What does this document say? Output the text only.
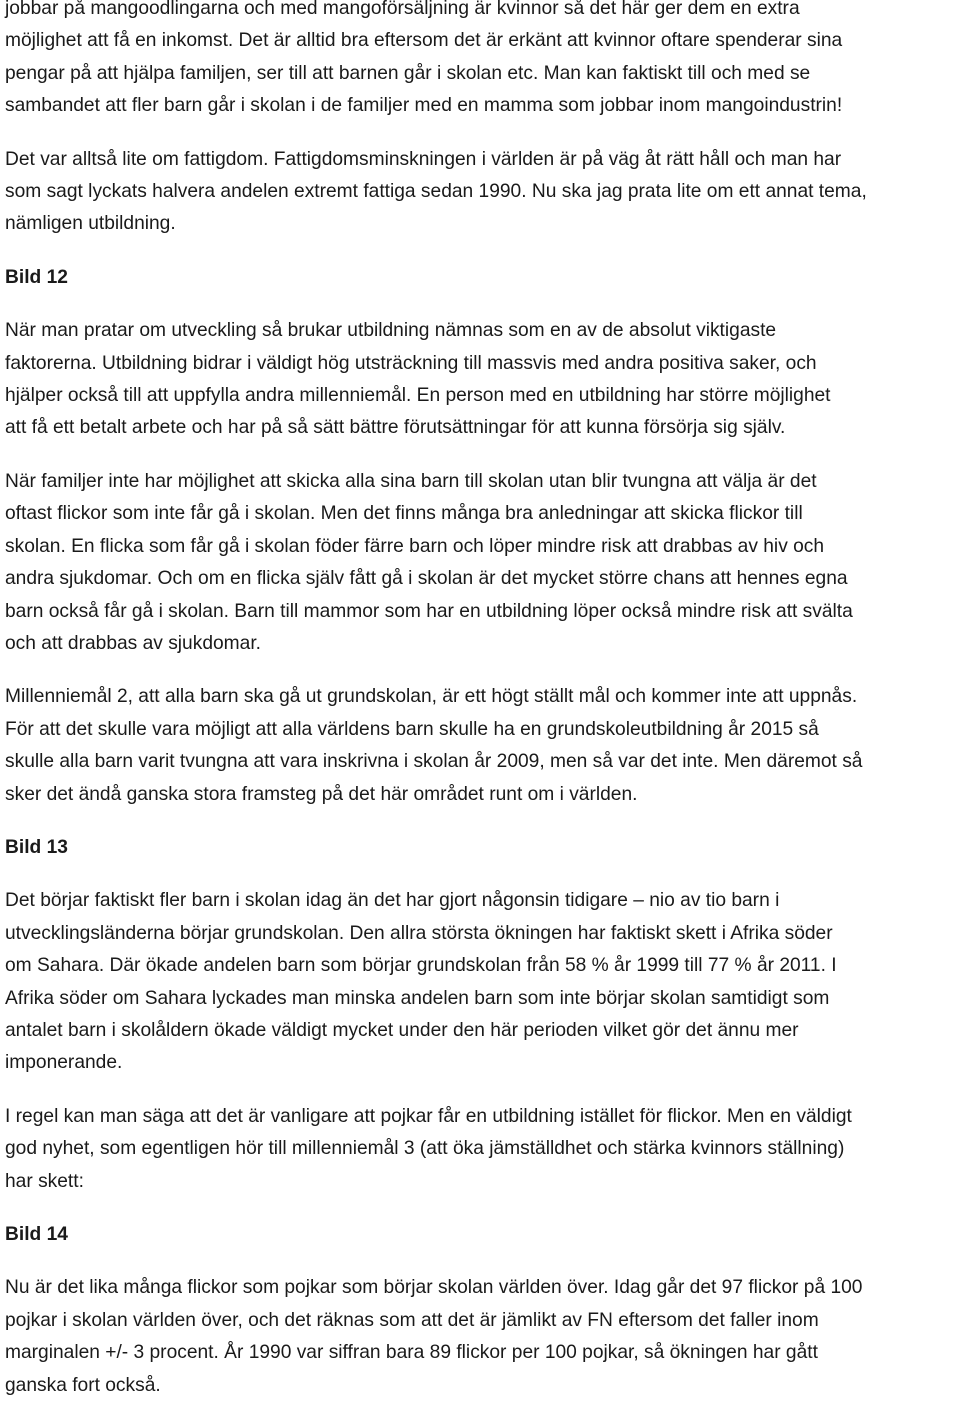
jobbar på mangoodlingarna och med mangoförsäljning är kvinnor så det här ger dem en extra
möjlighet att få en inkomst. Det är alltid bra eftersom det är erkänt att kvinnor oftare spenderar sina
pengar på att hjälpa familjen, ser till att barnen går i skolan etc. Man kan faktiskt till och med se
sambandet att fler barn går i skolan i de familjer med en mamma som jobbar inom mangoindustrin!
Det var alltså lite om fattigdom. Fattigdomsminskningen i världen är på väg åt rätt håll och man har
som sagt lyckats halvera andelen extremt fattiga sedan 1990. Nu ska jag prata lite om ett annat tema,
nämligen utbildning.
Bild 12
När man pratar om utveckling så brukar utbildning nämnas som en av de absolut viktigaste
faktorerna. Utbildning bidrar i väldigt hög utsträckning till massvis med andra positiva saker, och
hjälper också till att uppfylla andra millenniemål. En person med en utbildning har större möjlighet
att få ett betalt arbete och har på så sätt bättre förutsättningar för att kunna försörja sig själv.
När familjer inte har möjlighet att skicka alla sina barn till skolan utan blir tvungna att välja är det
oftast flickor som inte får gå i skolan. Men det finns många bra anledningar att skicka flickor till
skolan. En flicka som får gå i skolan föder färre barn och löper mindre risk att drabbas av hiv och
andra sjukdomar. Och om en flicka själv fått gå i skolan är det mycket större chans att hennes egna
barn också får gå i skolan. Barn till mammor som har en utbildning löper också mindre risk att svälta
och att drabbas av sjukdomar.
Millenniemål 2, att alla barn ska gå ut grundskolan, är ett högt ställt mål och kommer inte att uppnås.
För att det skulle vara möjligt att alla världens barn skulle ha en grundskoleutbildning år 2015 så
skulle alla barn varit tvungna att vara inskrivna i skolan år 2009, men så var det inte. Men däremot så
sker det ändå ganska stora framsteg på det här området runt om i världen.
Bild 13
Det börjar faktiskt fler barn i skolan idag än det har gjort någonsin tidigare – nio av tio barn i
utvecklingsländerna börjar grundskolan. Den allra största ökningen har faktiskt skett i Afrika söder
om Sahara. Där ökade andelen barn som börjar grundskolan från 58 % år 1999 till 77 % år 2011. I
Afrika söder om Sahara lyckades man minska andelen barn som inte börjar skolan samtidigt som
antalet barn i skolåldern ökade väldigt mycket under den här perioden vilket gör det ännu mer
imponerande.
I regel kan man säga att det är vanligare att pojkar får en utbildning istället för flickor. Men en väldigt
god nyhet, som egentligen hör till millenniemål 3 (att öka jämställdhet och stärka kvinnors ställning)
har skett:
Bild 14
Nu är det lika många flickor som pojkar som börjar skolan världen över. Idag går det 97 flickor på 100
pojkar i skolan världen över, och det räknas som att det är jämlikt av FN eftersom det faller inom
marginalen +/- 3 procent. År 1990 var siffran bara 89 flickor per 100 pojkar, så ökningen har gått
ganska fort också.
